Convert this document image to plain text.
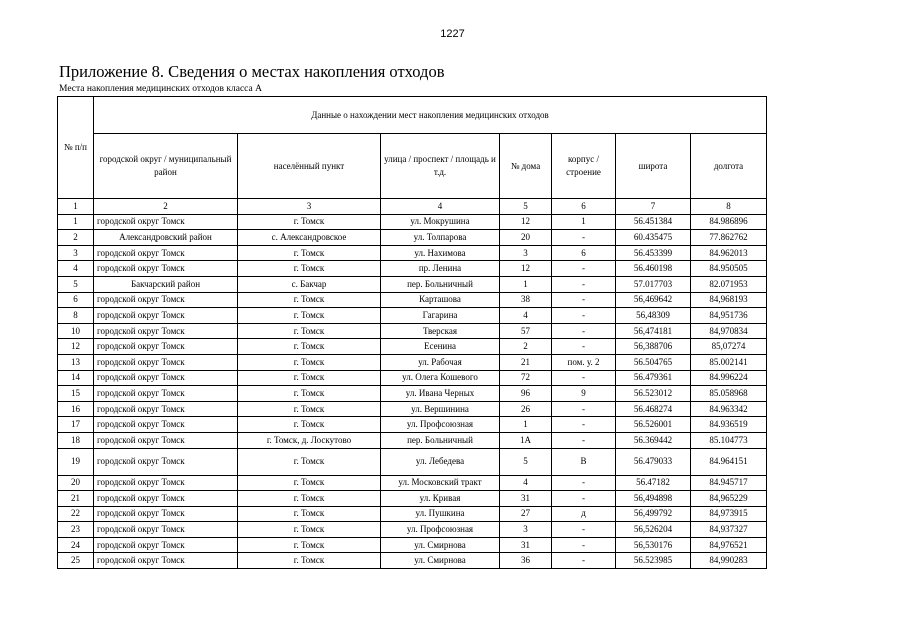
1227
Приложение 8. Сведения о местах накопления отходов
Места накопления медицинских отходов класса А
№ п/п	Данные о нахождении мест накопления медицинских отходов						
	городской округ / муниципальный район	населённый пункт	улица / проспект / площадь и т.д.	№ дома	корпус / строение	широта	долгота
1	2	3	4	5	6	7	8
1	городской округ Томск	г. Томск	ул. Мокрушина	12	1	56.451384	84.986896
2	Александровский район	с. Александровское	ул. Толпарова	20	-	60.435475	77.862762
3	городской округ Томск	г. Томск	ул. Нахимова	3	6	56.453399	84.962013
4	городской округ Томск	г. Томск	пр. Ленина	12	-	56.460198	84.950505
5	Бакчарский район	с. Бакчар	пер. Больничный	1	-	57.017703	82.071953
6	городской округ Томск	г. Томск	Карташова	38	-	56,469642	84,968193
8	городской округ Томск	г. Томск	Гагарина	4	-	56,48309	84,951736
10	городской округ Томск	г. Томск	Тверская	57	-	56,474181	84,970834
12	городской округ Томск	г. Томск	Есенина	2	-	56,388706	85,07274
13	городской округ Томск	г. Томск	ул. Рабочая	21	пом. у. 2	56.504765	85.002141
14	городской округ Томск	г. Томск	ул. Олега Кошевого	72	-	56.479361	84.996224
15	городской округ Томск	г. Томск	ул. Ивана Черных	96	9	56.523012	85.058968
16	городской округ Томск	г. Томск	ул. Вершинина	26	-	56.468274	84.963342
17	городской округ Томск	г. Томск	ул. Профсоюзная	1	-	56.526001	84.936519
18	городской округ Томск	г. Томск, д. Лоскутово	пер. Больничный	1А	-	56.369442	85.104773
19	городской округ Томск	г. Томск	ул. Лебедева	5	В	56.479033	84.964151
20	городской округ Томск	г. Томск	ул. Московский тракт	4	-	56.47182	84.945717
21	городской округ Томск	г. Томск	ул. Кривая	31	-	56,494898	84,965229
22	городской округ Томск	г. Томск	ул. Пушкина	27	д	56,499792	84,973915
23	городской округ Томск	г. Томск	ул. Профсоюзная	3	-	56,526204	84,937327
24	городской округ Томск	г. Томск	ул. Смирнова	31	-	56,530176	84,976521
25	городской округ Томск	г. Томск	ул. Смирнова	36	-	56.523985	84,990283
